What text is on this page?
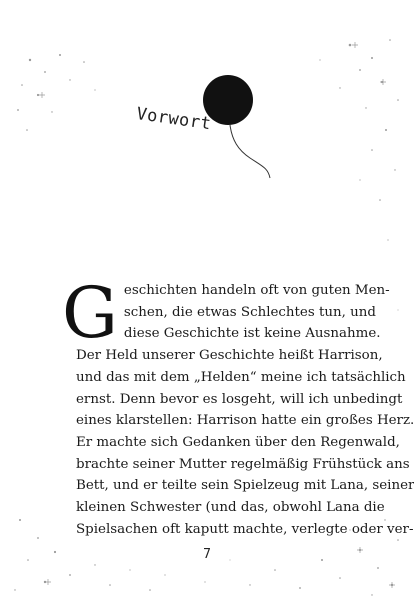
Vorwort

G eschichten handeln oft von guten Men-
schen, die etwas Schlechtes tun, und
diese Geschichte ist keine Ausnahme.

Der Held unserer Geschichte heißt Harrison,
und das mit dem „Helden“ meine ich tatsächlich
ernst. Denn bevor es losgeht, will ich unbedingt
eines klarstellen: Harrison hatte ein großes Herz.

Er machte sich Gedanken über den Regenwald,
brachte seiner Mutter regelmäßig Frühstück ans
Bett, und er teilte sein Spielzeug mit Lana, seiner
kleinen Schwester (und das, obwohl Lana die
Spielsachen oft kaputt machte, verlegte oder ver-

7
